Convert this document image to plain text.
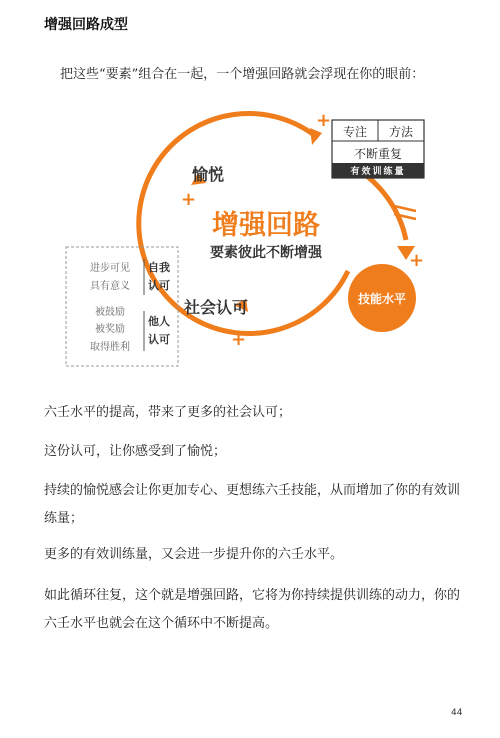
增强回路成型
把这些“要素”组合在一起，一个增强回路就会浮现在你的眼前：
+
+
+
+
增强回路
要素彼此不断增强
愉悦
社会认可	技能水平
专注 方法
不断重复
有效训练量
进步可见
具有意义
自我
认可
被鼓励
被奖励
取得胜利
他人
认可
六壬水平的提高，带来了更多的社会认可；
这份认可，让你感受到了愉悦；
持续的愉悦感会让你更加专心、更想练六壬技能，从而增加了你的有效训练量；
更多的有效训练量，又会进一步提升你的六壬水平。
如此循环往复，这个就是增强回路，它将为你持续提供训练的动力，你的六壬水平也就会在这个循环中不断提高。
44
